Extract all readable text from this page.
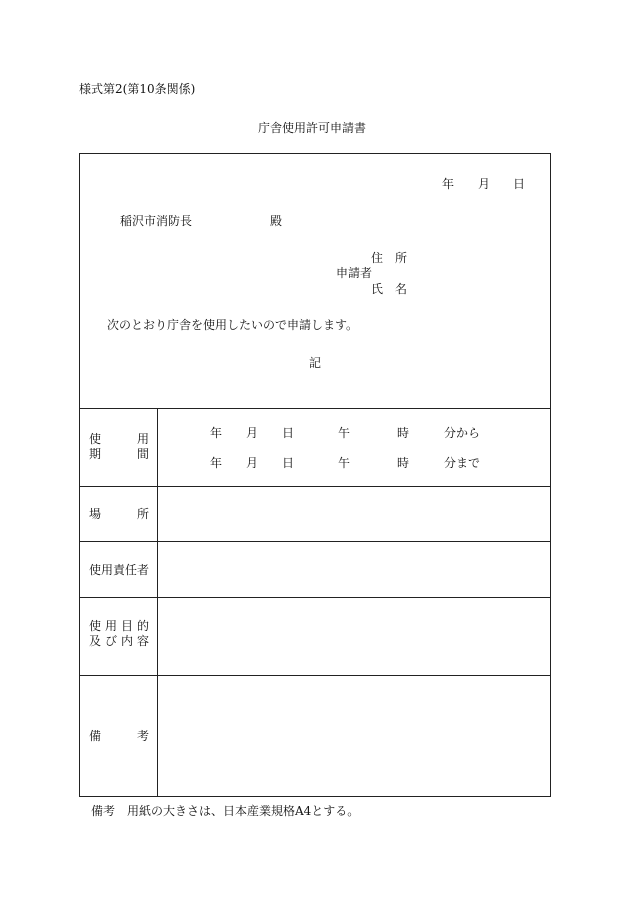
様式第2(第10条関係)
庁舎使用許可申請書
年 月 日
稲沢市消防長	殿
住 所
申請者
氏 名
次のとおり庁舎を使用したいので申請します。
記
使	用
期	間
年 月 日	午	時	分から
年 月 日	午	時	分まで
場	所
使用責任者
使 用 目 的
及 び 内 容
備	考
備考　用紙の大きさは、日本産業規格A4とする。
